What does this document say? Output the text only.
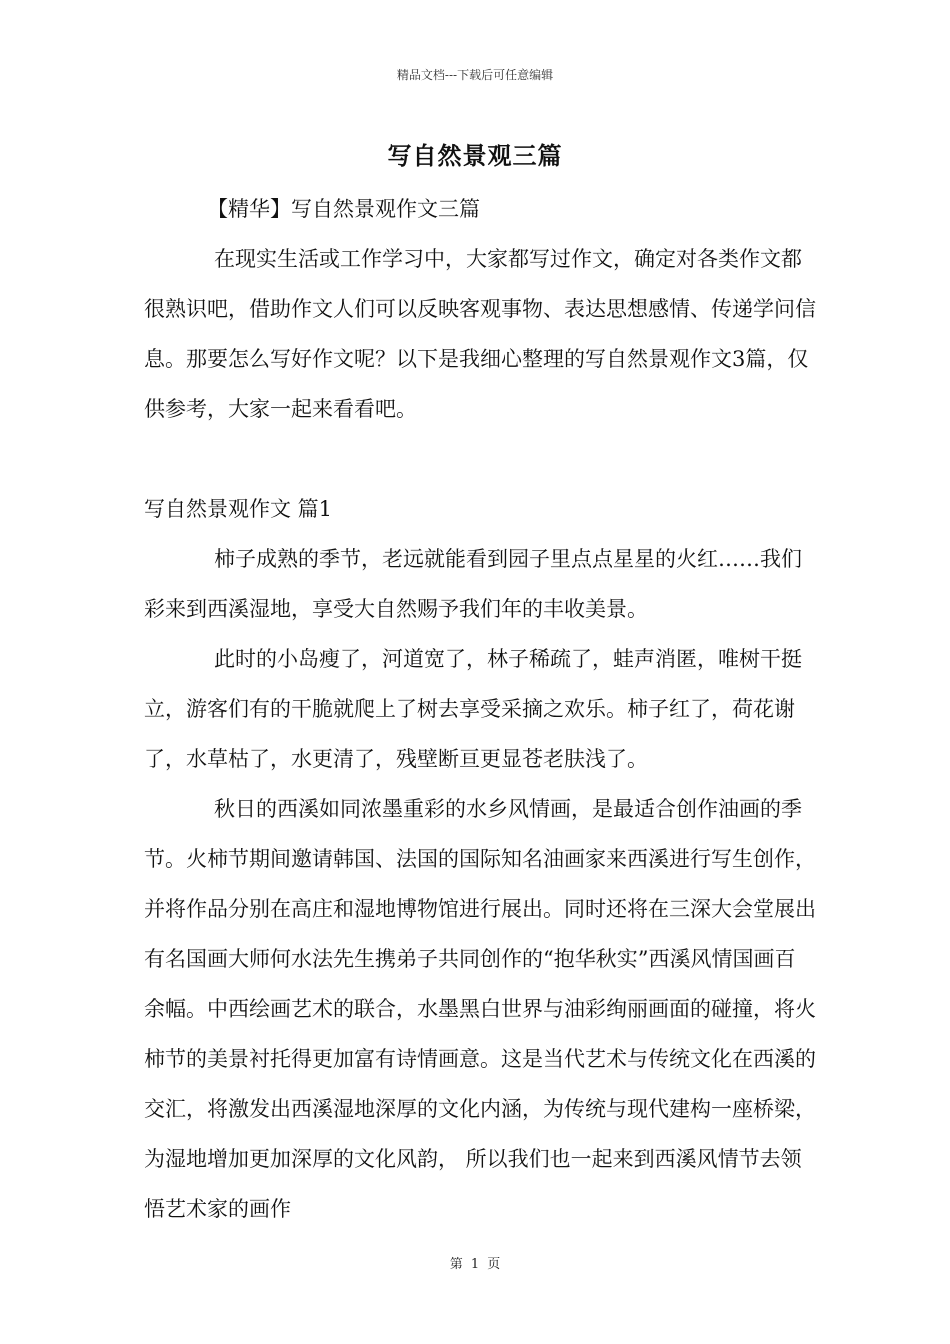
精品文档---下载后可任意编辑
写自然景观三篇

【精华】写自然景观作文三篇

在现实生活或工作学习中，大家都写过作文，确定对各类作文都很熟识吧，借助作文人们可以反映客观事物、表达思想感情、传递学问信息。那要怎么写好作文呢？以下是我细心整理的写自然景观作文3篇，仅供参考，大家一起来看看吧。

写自然景观作文 篇1

柿子成熟的季节，老远就能看到园子里点点星星的火红……我们彩来到西溪湿地，享受大自然赐予我们年的丰收美景。

此时的小岛瘦了，河道宽了，林子稀疏了，蛙声消匿，唯树干挺立，游客们有的干脆就爬上了树去享受采摘之欢乐。柿子红了，荷花谢了，水草枯了，水更清了，残壁断亘更显苍老肤浅了。

秋日的西溪如同浓墨重彩的水乡风情画，是最适合创作油画的季节。火柿节期间邀请韩国、法国的国际知名油画家来西溪进行写生创作，并将作品分别在高庄和湿地博物馆进行展出。同时还将在三深大会堂展出有名国画大师何水法先生携弟子共同创作的“抱华秋实”西溪风情国画百余幅。中西绘画艺术的联合，水墨黑白世界与油彩绚丽画面的碰撞，将火柿节的美景衬托得更加富有诗情画意。这是当代艺术与传统文化在西溪的交汇，将激发出西溪湿地深厚的文化内涵，为传统与现代建构一座桥梁，为湿地增加更加深厚的文化风韵， 所以我们也一起来到西溪风情节去领悟艺术家的画作

第 1 页
